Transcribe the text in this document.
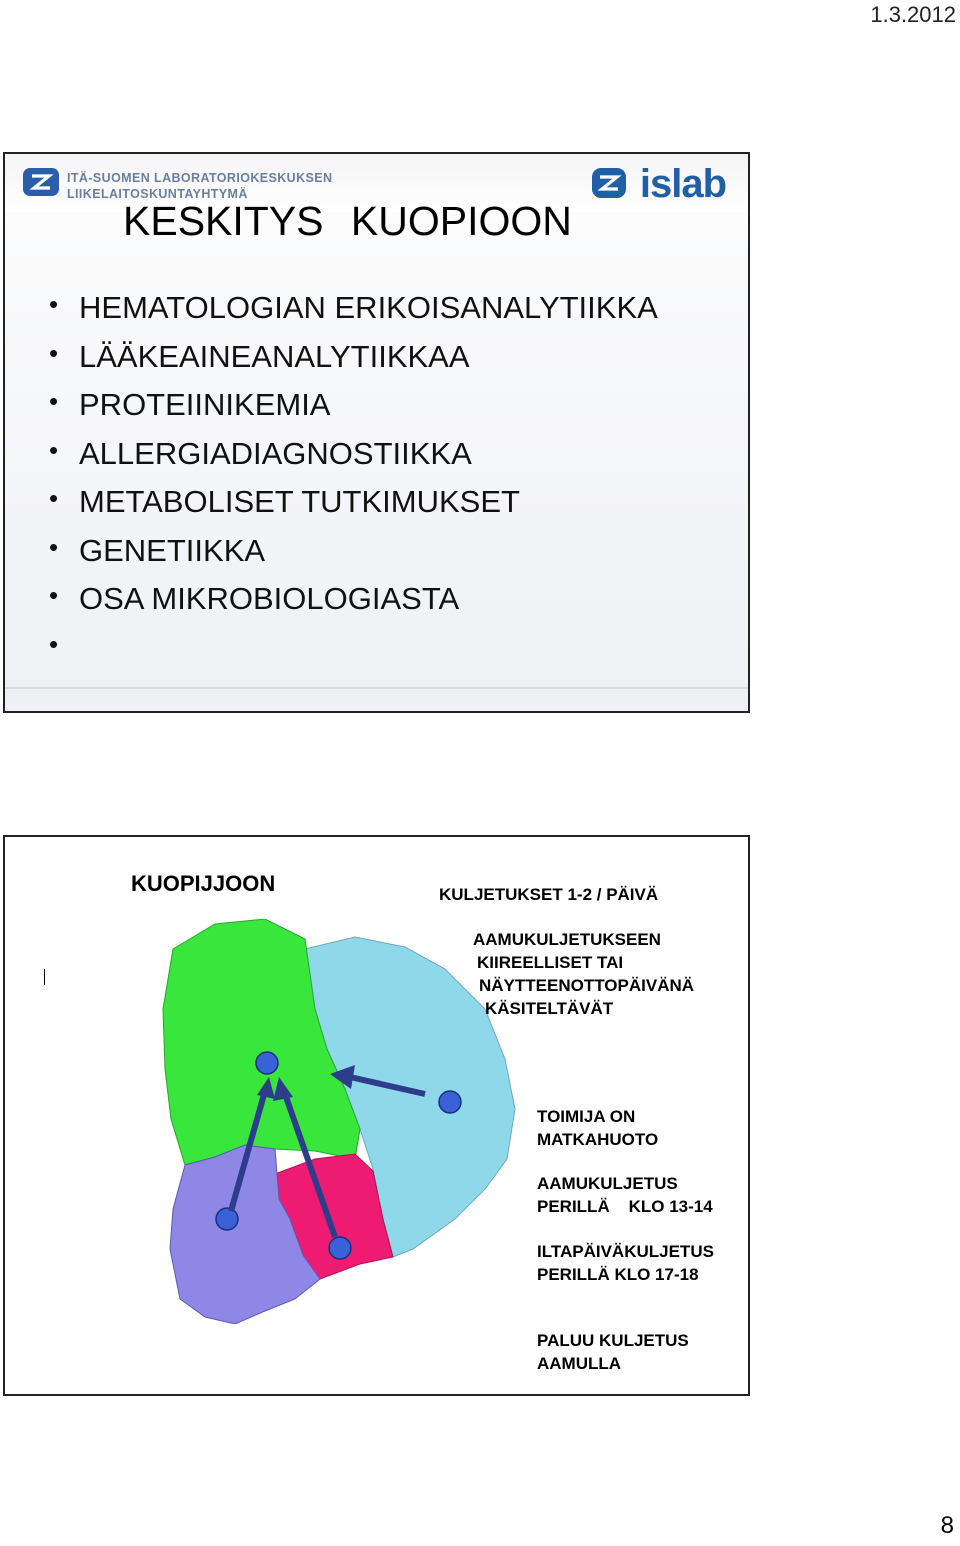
1.3.2012
ITÄ-SUOMEN LABORATORIOKESKUKSEN
LIIKELAITOSKUNTAYHTYMÄ	islab
KESKITYS KUOPIOON
• HEMATOLOGIAN ERIKOISANALYTIIKKA
• LÄÄKEAINEANALYTIIKKAA
• PROTEIINIKEMIA
• ALLERGIADIAGNOSTIIKKA
• METABOLISET TUTKIMUKSET
• GENETIIKKA
• OSA MIKROBIOLOGIASTA
•
KUOPIJJOON	KULJETUKSET 1-2 / PÄIVÄ
AAMUKULJETUKSEEN
KIIREELLISET TAI
NÄYTTEENOTTOPÄIVÄNÄ
KÄSITELTÄVÄT
TOIMIJA ON
MATKAHUOTO
AAMUKULJETUS
PERILLÄ    KLO 13-14
ILTAPÄIVÄKULJETUS
PERILLÄ KLO 17-18
PALUU KULJETUS
AAMULLA
8
